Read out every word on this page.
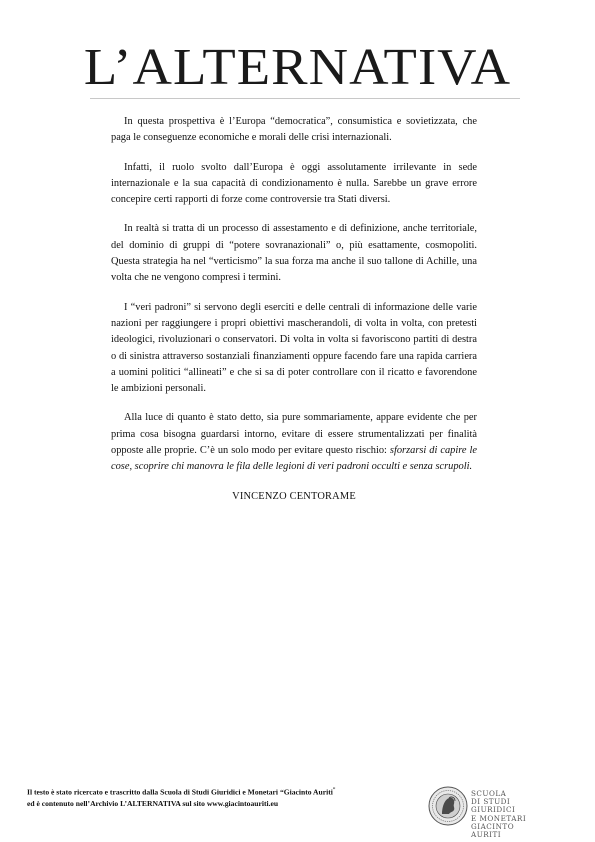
L’ALTERNATIVA

In questa prospettiva è l’Europa “democratica”, consumistica e sovietizzata, che paga le conseguenze economiche e morali delle crisi internazionali.

Infatti, il ruolo svolto dall’Europa è oggi assolutamente irrilevante in sede internazionale e la sua capacità di condizionamento è nulla. Sarebbe un grave errore concepire certi rapporti di forze come controversie tra Stati diversi.

In realtà si tratta di un processo di assestamento e di definizione, anche territoriale, del dominio di gruppi di “potere sovranazionali” o, più esattamente, cosmopoliti. Questa strategia ha nel “verticismo” la sua forza ma anche il suo tallone di Achille, una volta che ne vengono compresi i termini.

I “veri padroni” si servono degli eserciti e delle centrali di informazione delle varie nazioni per raggiungere i propri obiettivi mascherandoli, di volta in volta, con pretesti ideologici, rivoluzionari o conservatori. Di volta in volta si favoriscono partiti di destra o di sinistra attraverso sostanziali finanziamenti oppure facendo fare una rapida carriera a uomini politici “allineati” e che si sa di poter controllare con il ricatto e favorendone le ambizioni personali.

Alla luce di quanto è stato detto, sia pure sommariamente, appare evidente che per prima cosa bisogna guardarsi intorno, evitare di essere strumentalizzati per finalità opposte alle proprie. C’è un solo modo per evitare questo rischio: sforzarsi di capire le cose, scoprire chi manovra le fila delle legioni di veri padroni occulti e senza scrupoli.

VINCENZO CENTORAME
Il testo è stato ricercato e trascritto dalla Scuola di Studi Giuridici e Monetari “Giacinto Auriti”
ed è contenuto nell’Archivio L’ALTERNATIVA sul sito www.giacintoauriti.eu
SCUOLA
DI STUDI
GIURIDICI
E MONETARI
GIACINTO
AURITI
